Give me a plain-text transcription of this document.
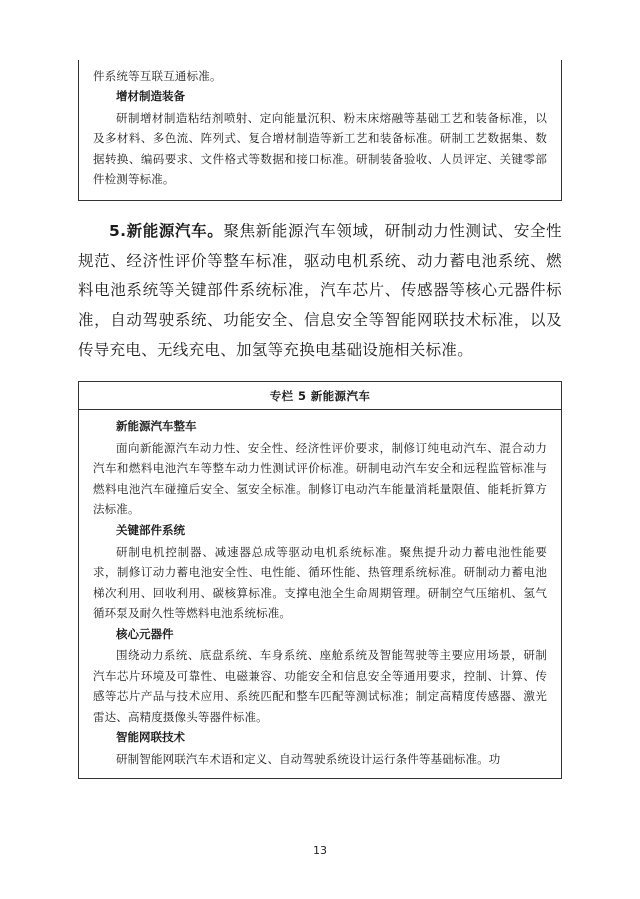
件系统等互联互通标准。
增材制造装备
研制增材制造粘结剂喷射、定向能量沉积、粉末床熔融等基础工艺和装备标准，以及多材料、多色流、阵列式、复合增材制造等新工艺和装备标准。研制工艺数据集、数据转换、编码要求、文件格式等数据和接口标准。研制装备验收、人员评定、关键零部件检测等标准。

5.新能源汽车。聚焦新能源汽车领域，研制动力性测试、安全性规范、经济性评价等整车标准，驱动电机系统、动力蓄电池系统、燃料电池系统等关键部件系统标准，汽车芯片、传感器等核心元器件标准，自动驾驶系统、功能安全、信息安全等智能网联技术标准，以及传导充电、无线充电、加氢等充换电基础设施相关标准。

专栏 5 新能源汽车
新能源汽车整车
面向新能源汽车动力性、安全性、经济性评价要求，制修订纯电动汽车、混合动力汽车和燃料电池汽车等整车动力性测试评价标准。研制电动汽车安全和远程监管标准与燃料电池汽车碰撞后安全、氢安全标准。制修订电动汽车能量消耗量限值、能耗折算方法标准。
关键部件系统
研制电机控制器、减速器总成等驱动电机系统标准。聚焦提升动力蓄电池性能要求，制修订动力蓄电池安全性、电性能、循环性能、热管理系统标准。研制动力蓄电池梯次利用、回收利用、碳核算标准。支撑电池全生命周期管理。研制空气压缩机、氢气循环泵及耐久性等燃料电池系统标准。
核心元器件
围绕动力系统、底盘系统、车身系统、座舱系统及智能驾驶等主要应用场景，研制汽车芯片环境及可靠性、电磁兼容、功能安全和信息安全等通用要求，控制、计算、传感等芯片产品与技术应用、系统匹配和整车匹配等测试标准；制定高精度传感器、激光雷达、高精度摄像头等器件标准。
智能网联技术
研制智能网联汽车术语和定义、自动驾驶系统设计运行条件等基础标准。功
13
